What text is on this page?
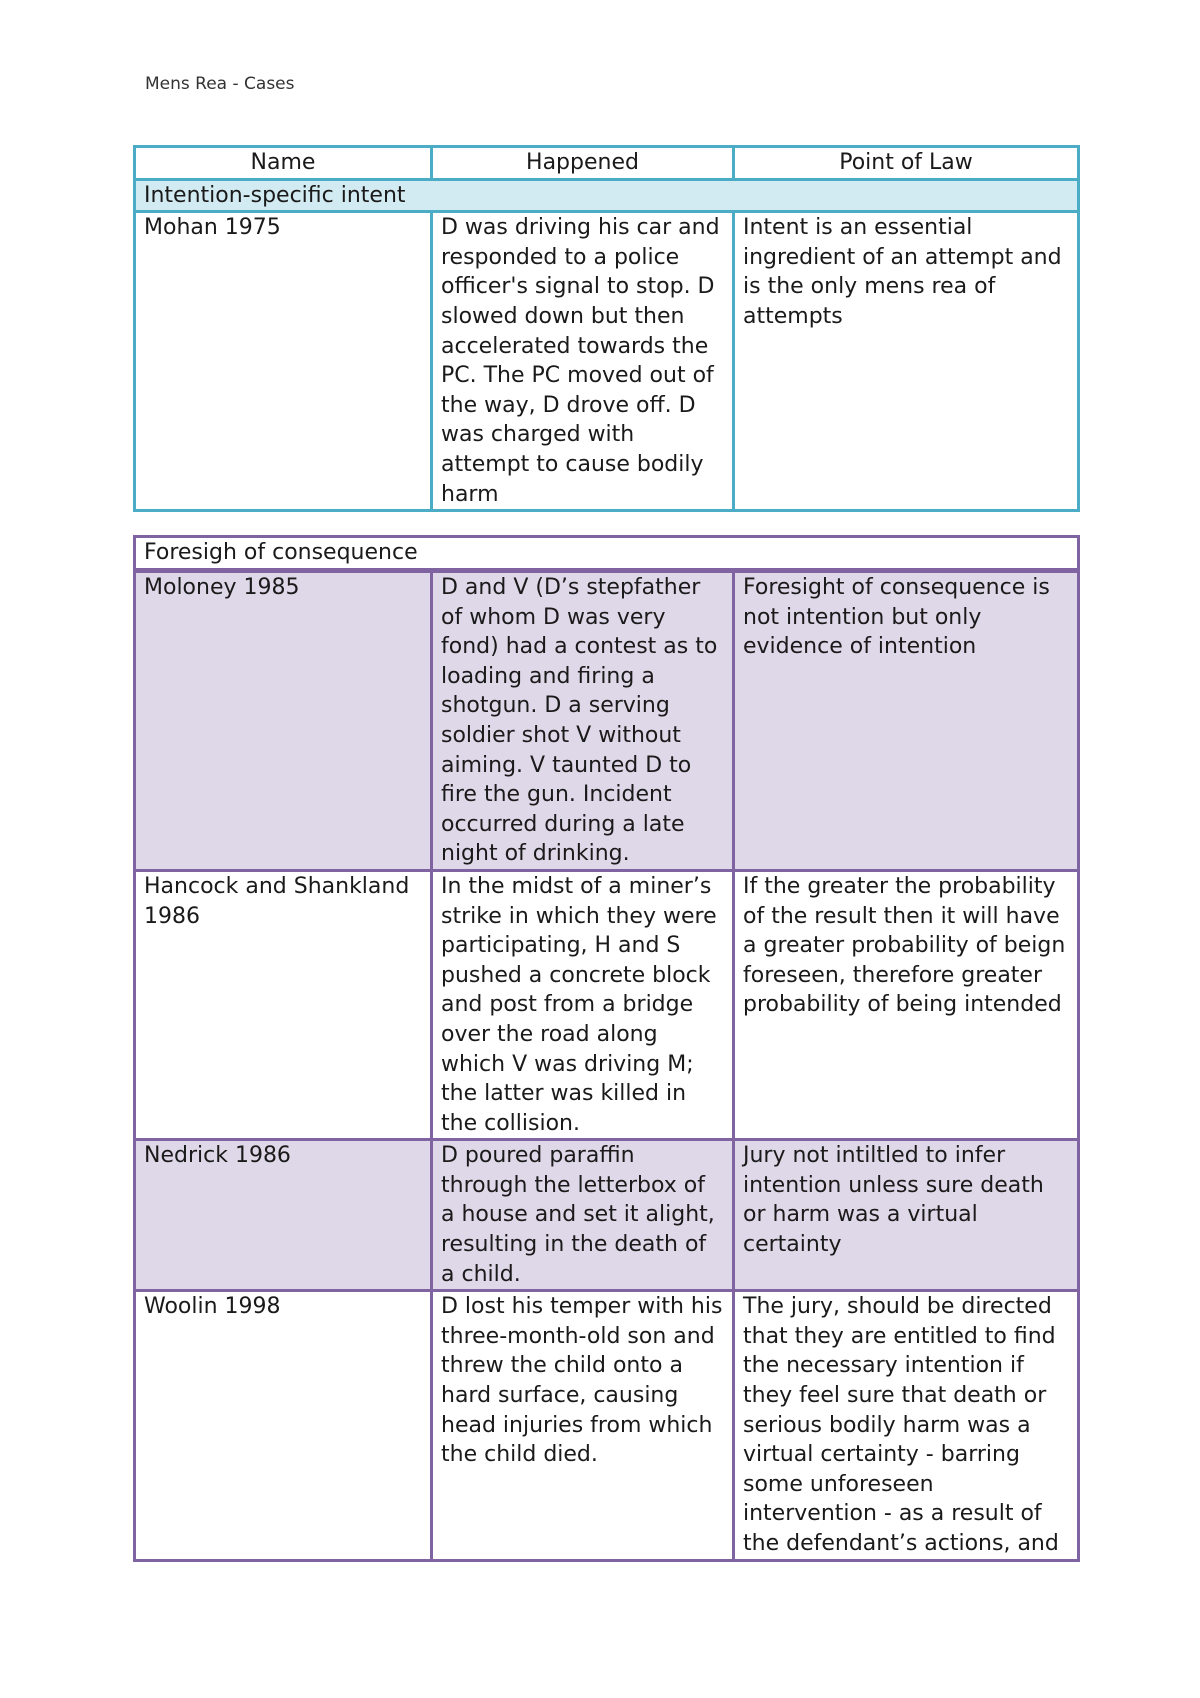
Mens Rea - Cases
Name	Happened	Point of Law
Intention-specific intent		
Mohan 1975	D was driving his car and responded to a police officer's signal to stop. D slowed down but then accelerated towards the PC. The PC moved out of the way, D drove off. D was charged with attempt to cause bodily harm	Intent is an essential ingredient of an attempt and is the only mens rea of attempts
Foresigh of consequence		
Moloney 1985	D and V (D’s stepfather of whom D was very fond) had a contest as to loading and firing a shotgun. D a serving soldier shot V without aiming. V taunted D to fire the gun. Incident occurred during a late night of drinking.	Foresight of consequence is not intention but only evidence of intention
Hancock and Shankland 1986	In the midst of a miner’s strike in which they were participating, H and S pushed a concrete block and post from a bridge over the road along which V was driving M; the latter was killed in the collision.	If the greater the probability of the result then it will have a greater probability of beign foreseen, therefore greater probability of being intended
Nedrick 1986	D poured paraffin through the letterbox of a house and set it alight, resulting in the death of a child.	Jury not intiltled to infer intention unless sure death or harm was a virtual certainty
Woolin 1998	D lost his temper with his three-month-old son and threw the child onto a hard surface, causing head injuries from which the child died.	The jury, should be directed that they are entitled to find the necessary intention if they feel sure that death or serious bodily harm was a virtual certainty - barring some unforeseen intervention - as a result of the defendant’s actions, and
